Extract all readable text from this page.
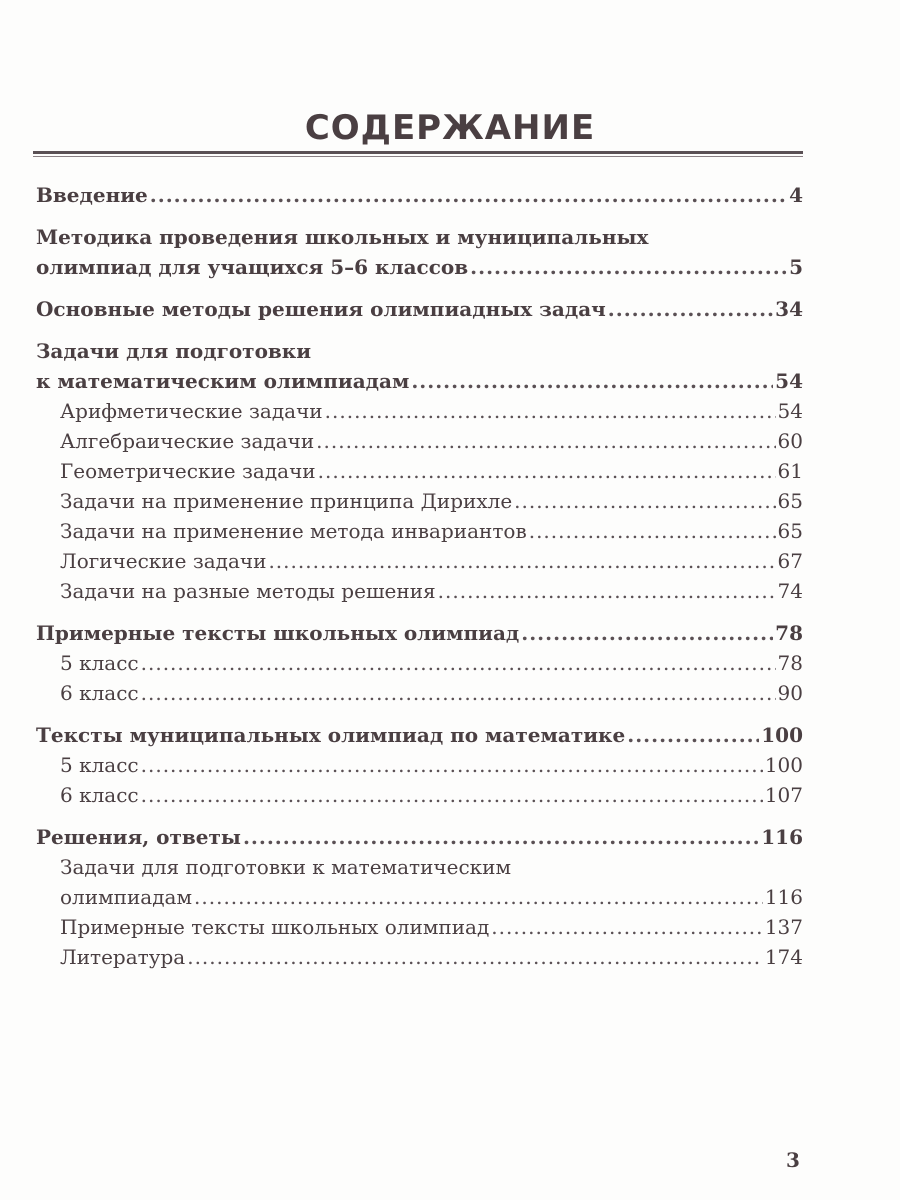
СОДЕРЖАНИЕ
Введение .....	4
Методика проведения школьных и муниципальных
олимпиад для учащихся 5–6 классов .....	5
Основные методы решения олимпиадных задач .....	34
Задачи для подготовки
к математическим олимпиадам .....	54
Арифметические задачи .....	54
Алгебраические задачи .....	60
Геометрические задачи .....	61
Задачи на применение принципа Дирихле .....	65
Задачи на применение метода инвариантов .....	65
Логические задачи .....	67
Задачи на разные методы решения .....	74
Примерные тексты школьных олимпиад .....	78
5 класс .....	78
6 класс .....	90
Тексты муниципальных олимпиад по математике .....	100
5 класс .....	100
6 класс .....	107
Решения, ответы .....	116
Задачи для подготовки к математическим
олимпиадам .....	116
Примерные тексты школьных олимпиад .....	137
Литература .....	174
3
